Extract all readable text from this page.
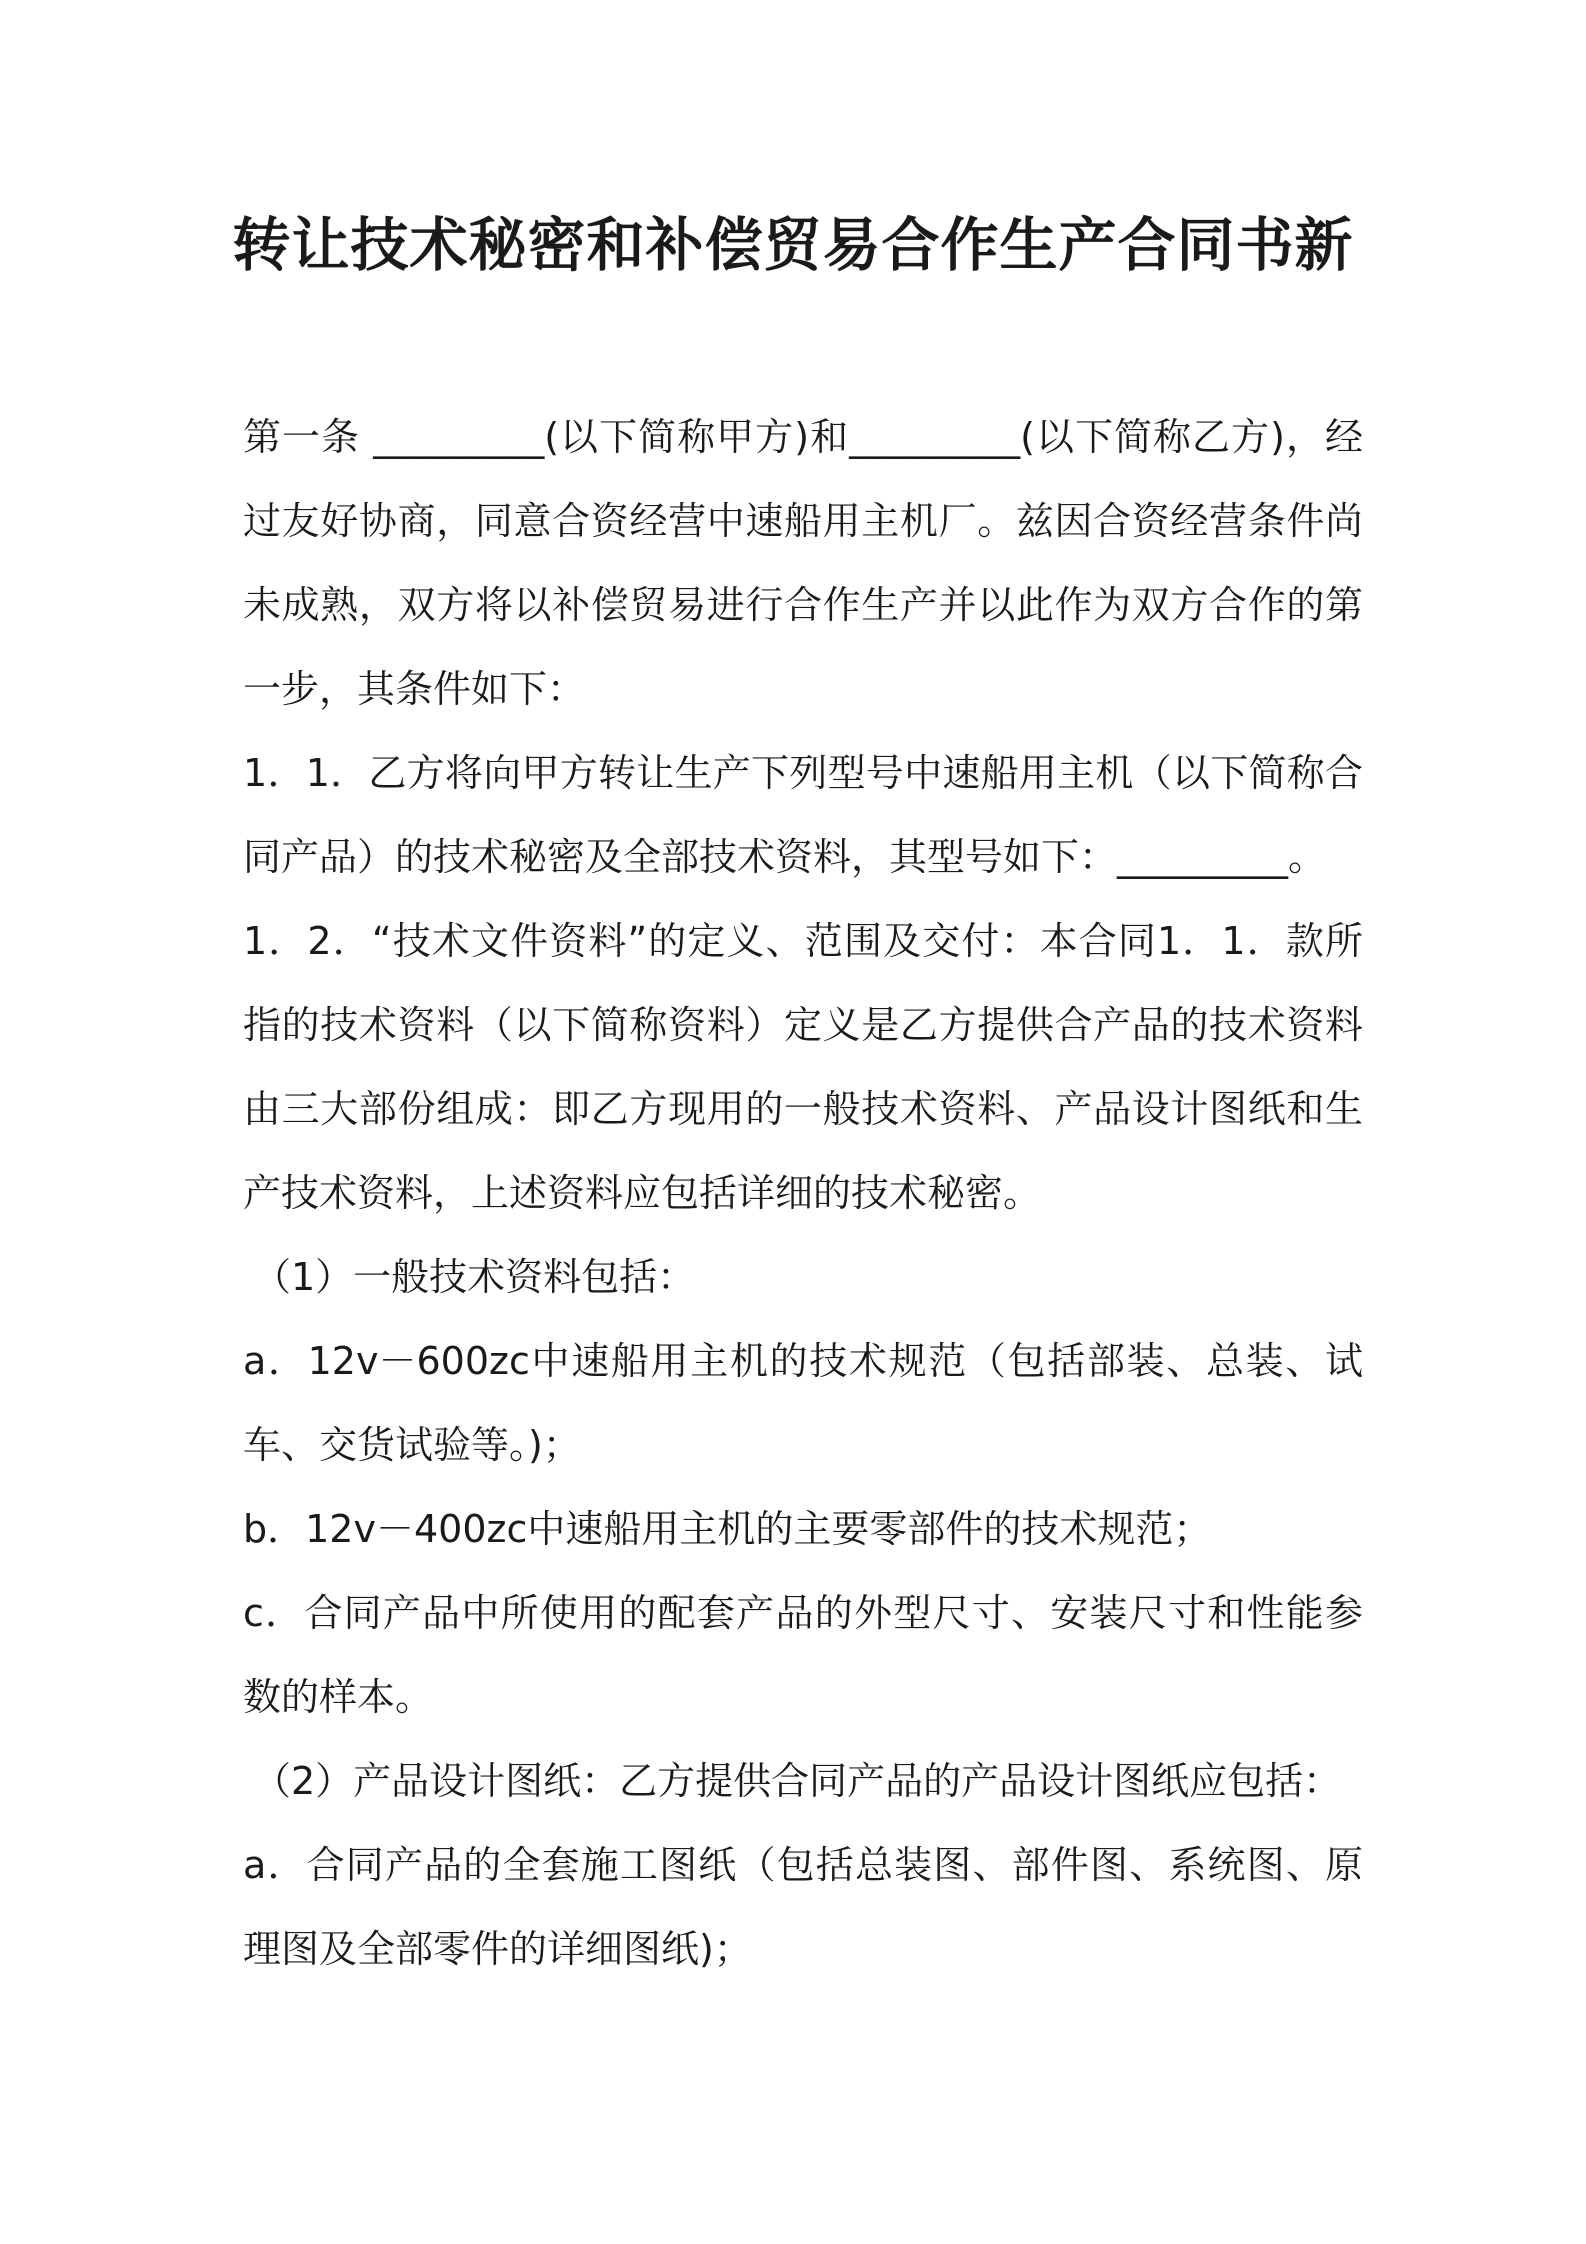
转让技术秘密和补偿贸易合作生产合同书新

第一条 _________(以下简称甲方)和_________(以下简称乙方)，经过友好协商，同意合资经营中速船用主机厂。兹因合资经营条件尚未成熟，双方将以补偿贸易进行合作生产并以此作为双方合作的第一步，其条件如下：

1．1．乙方将向甲方转让生产下列型号中速船用主机（以下简称合同产品）的技术秘密及全部技术资料，其型号如下：_________。

1．2．“技术文件资料”的定义、范围及交付：本合同1．1．款所指的技术资料（以下简称资料）定义是乙方提供合产品的技术资料由三大部份组成：即乙方现用的一般技术资料、产品设计图纸和生产技术资料，上述资料应包括详细的技术秘密。

（1）一般技术资料包括：

a．12v－600zc中速船用主机的技术规范（包括部装、总装、试车、交货试验等。)；

b．12v－400zc中速船用主机的主要零部件的技术规范；

c．合同产品中所使用的配套产品的外型尺寸、安装尺寸和性能参数的样本。

（2）产品设计图纸：乙方提供合同产品的产品设计图纸应包括：

a．合同产品的全套施工图纸（包括总装图、部件图、系统图、原理图及全部零件的详细图纸)；
